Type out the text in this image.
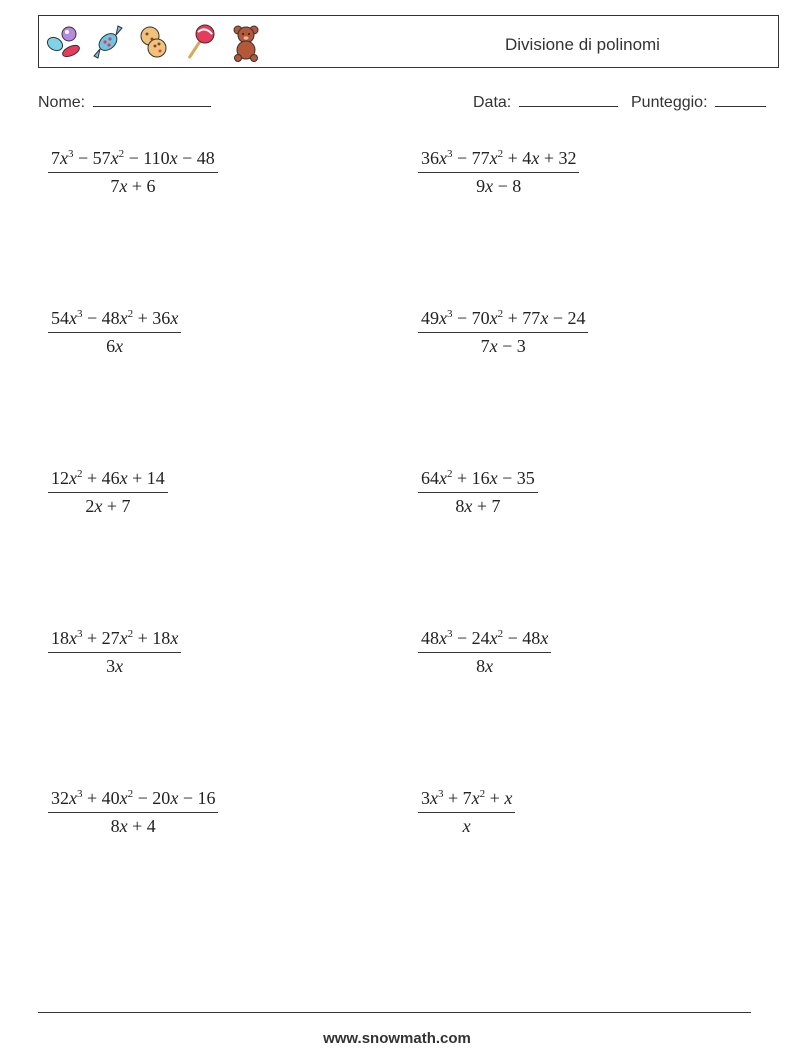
Divisione di polinomi
Nome:	Data:	Punteggio:
$\frac{7x^3 - 57x^2 - 110x - 48}{7x + 6}$	$\frac{36x^3 - 77x^2 + 4x + 32}{9x - 8}$
$\frac{54x^3 - 48x^2 + 36x}{6x}$	$\frac{49x^3 - 70x^2 + 77x - 24}{7x - 3}$
$\frac{12x^2 + 46x + 14}{2x + 7}$	$\frac{64x^2 + 16x - 35}{8x + 7}$
$\frac{18x^3 + 27x^2 + 18x}{3x}$	$\frac{48x^3 - 24x^2 - 48x}{8x}$
$\frac{32x^3 + 40x^2 - 20x - 16}{8x + 4}$	$\frac{3x^3 + 7x^2 + x}{x}$
www.snowmath.com
